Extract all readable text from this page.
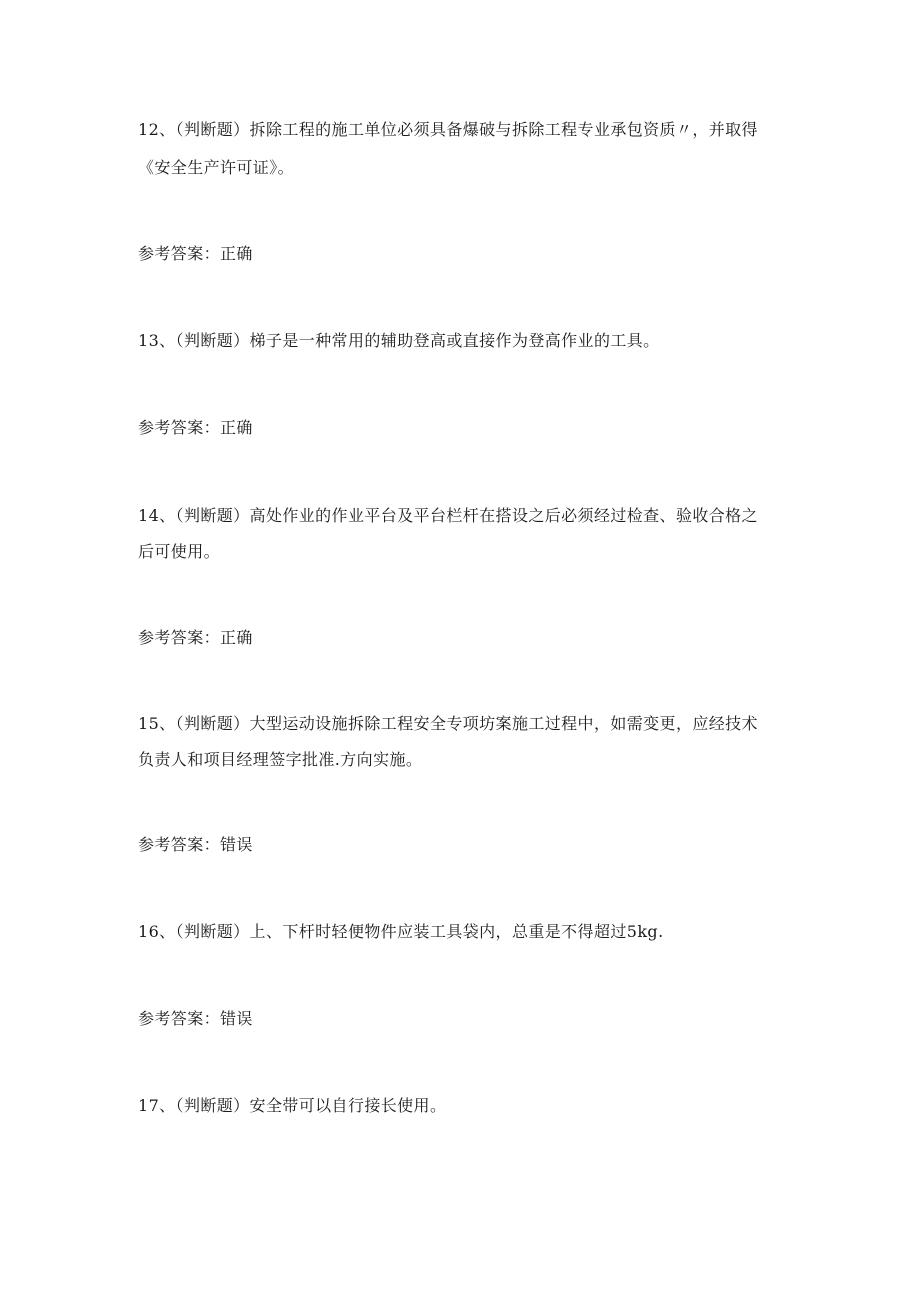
12、（判断题）拆除工程的施工单位必须具备爆破与拆除工程专业承包资质〃，并取得
《安全生产许可证》。
参考答案：正确
13、（判断题）梯子是一种常用的辅助登高或直接作为登高作业的工具。
参考答案：正确
14、（判断题）高处作业的作业平台及平台栏杆在搭设之后必须经过检查、验收合格之
后可使用。
参考答案：正确
15、（判断题）大型运动设施拆除工程安全专项坊案施工过程中，如需变更，应经技术
负责人和项目经理签字批准.方向实施。
参考答案：错误
16、（判断题）上、下杆时轻便物件应装工具袋内，总重是不得超过5kg.
参考答案：错误
17、（判断题）安全带可以自行接长使用。
